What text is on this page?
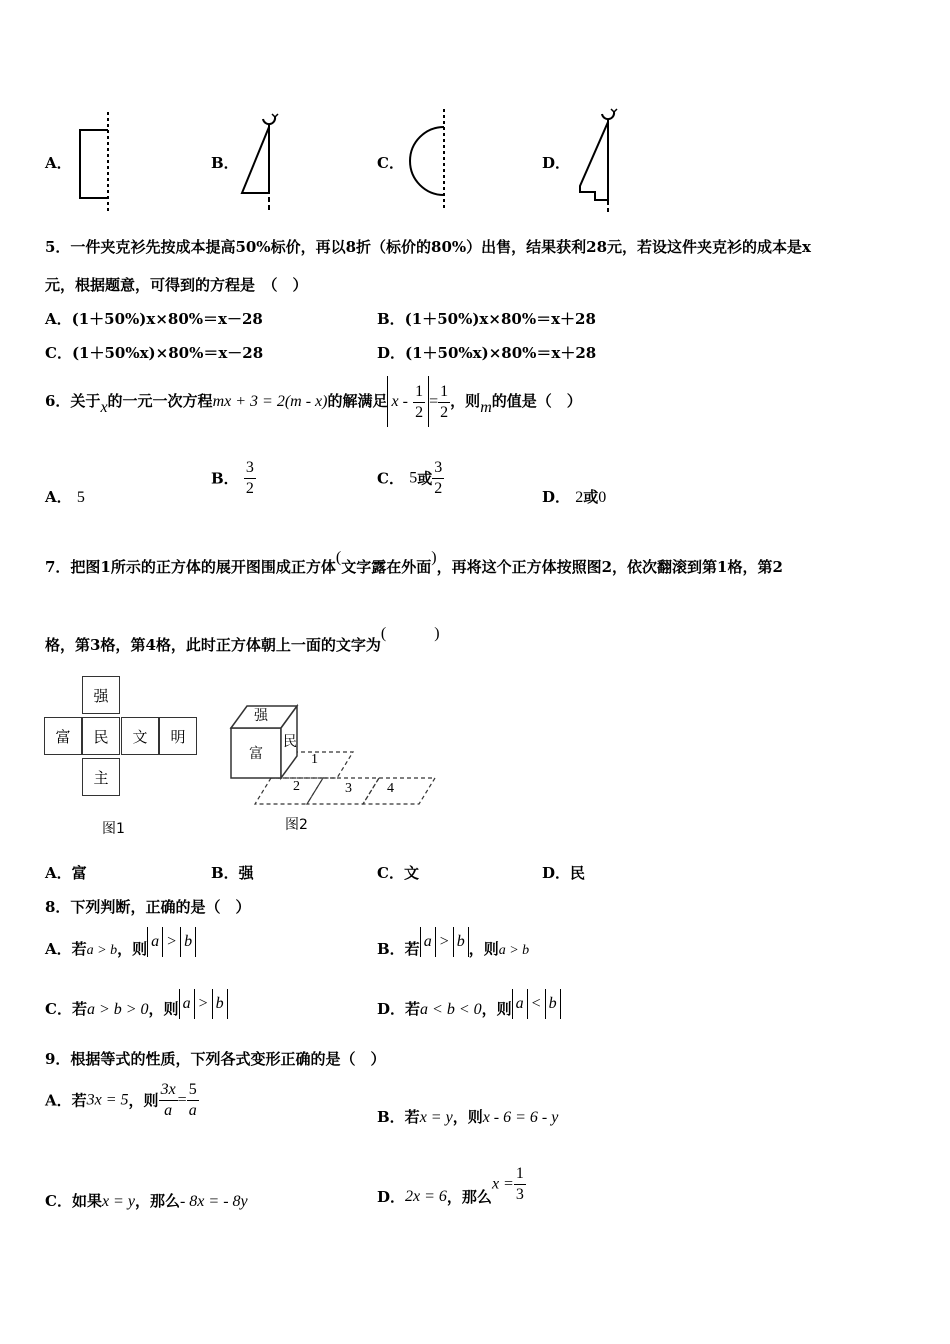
A．	B．	C．	D．
5．一件夹克衫先按成本提高50%标价，再以8折（标价的80%）出售，结果获利28元，若设这件夹克衫的成本是x
元，根据题意，可得到的方程是　（　）
A．(1＋50%)x×80%＝x－28	B．(1＋50%)x×80%＝x＋28
C．(1＋50%x)×80%＝x－28	D．(1＋50%x)×80%＝x＋28
6．关于x的一元一次方程mx + 3 = 2(m - x)的解满足 $x - \frac{1}{2} = \frac{1}{2}$ ，则m的值是（　）
A． 5
B． $\frac{3}{2}$	C． 5或 $\frac{3}{2}$	D． 2或0
7．把图1所示的正方体的展开图围成正方体(文字露在外面)，再将这个正方体按照图2，依次翻滚到第1格，第2
格，第3格，第4格，此时正方体朝上一面的文字为(　　　)
强
富	民	文	明
主
图1
强
富
民
1
2	3	4
图2
A．富	B．强	C．文	D．民
8．下列判断，正确的是（　）
A．若a > b，则 a > b	B．若 a > b ，则a > b
C．若a > b > 0，则 a > b	D．若a < b < 0，则 a < b
9．根据等式的性质，下列各式变形正确的是（　）
A．若3x = 5，则 $\frac{3x}{a} = \frac{5}{a}$	B．若x = y，则x - 6 = 6 - y
C．如果x = y，那么- 8x = - 8y	D．2x = 6，那么$x = \frac{1}{3}$
